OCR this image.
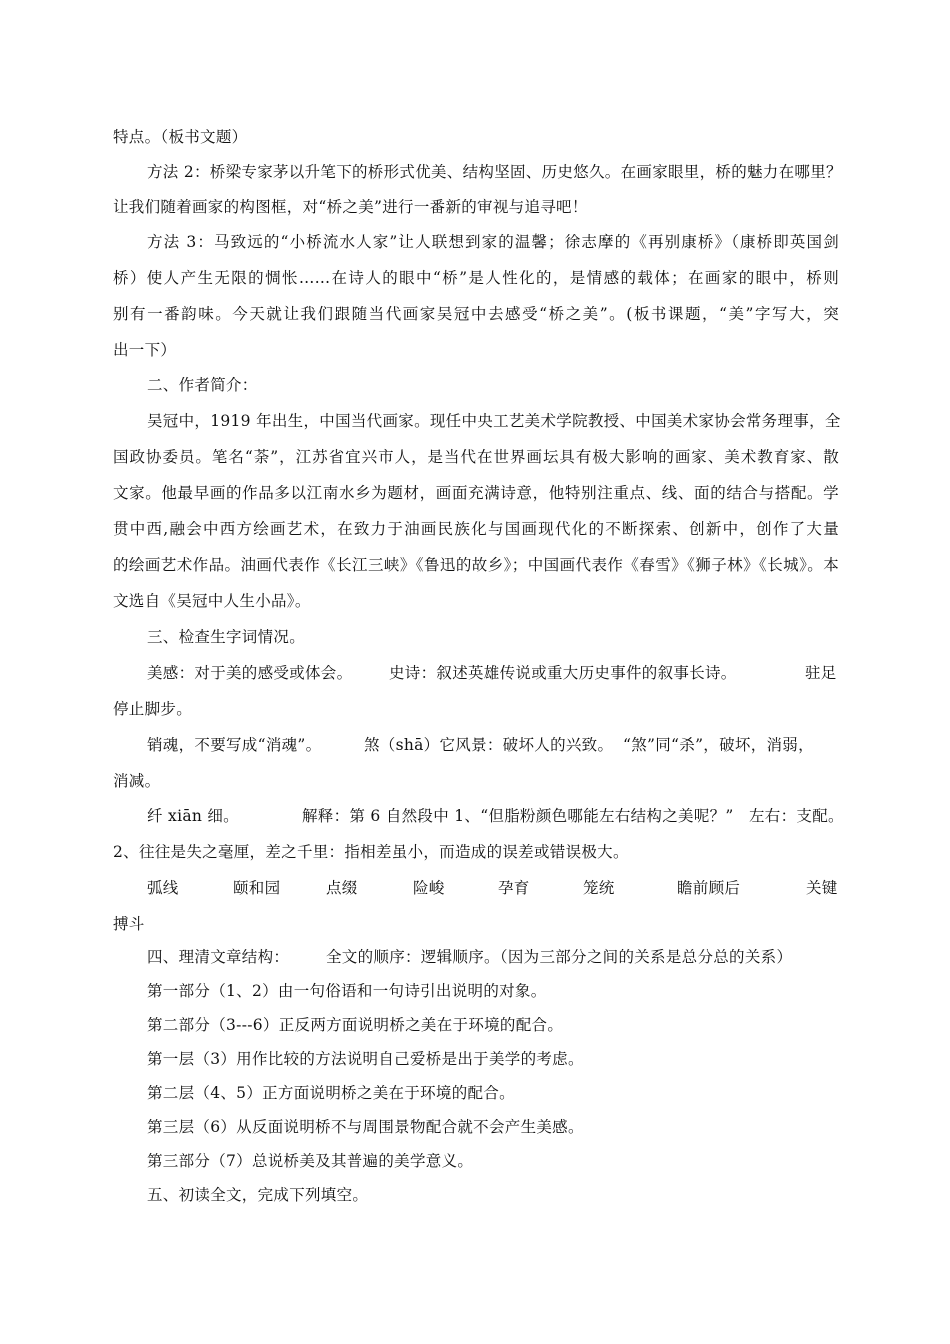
特点。（板书文题）
方法 2：桥梁专家茅以升笔下的桥形式优美、结构坚固、历史悠久。在画家眼里，桥的魅力在哪里？
让我们随着画家的构图框，对“桥之美”进行一番新的审视与追寻吧！
方法 3：马致远的“小桥流水人家”让人联想到家的温馨；徐志摩的《再别康桥》（康桥即英国剑
桥）使人产生无限的惆怅……在诗人的眼中“桥”是人性化的，是情感的载体；在画家的眼中，桥则
别有一番韵味。今天就让我们跟随当代画家吴冠中去感受“桥之美”。(板书课题，“美”字写大，突
出一下）
二、作者简介：
吴冠中，1919 年出生，中国当代画家。现任中央工艺美术学院教授、中国美术家协会常务理事，全
国政协委员。笔名“荼”，江苏省宜兴市人，是当代在世界画坛具有极大影响的画家、美术教育家、散
文家。他最早画的作品多以江南水乡为题材，画面充满诗意，他特别注重点、线、面的结合与搭配。学
贯中西,融会中西方绘画艺术，在致力于油画民族化与国画现代化的不断探索、创新中，创作了大量
的绘画艺术作品。油画代表作《长江三峡》《鲁迅的故乡》；中国画代表作《春雪》《狮子林》《长城》。本
文选自《吴冠中人生小品》。
三、检查生字词情况。
美感：对于美的感受或体会。 史诗：叙述英雄传说或重大历史事件的叙事长诗。	驻足
停止脚步。
销魂，不要写成“消魂”。	煞（shā）它风景：破坏人的兴致。 “煞”同“杀”，破坏，消弱，
消减。
纤 xiān 细。	解释：第 6 自然段中 1、“但脂粉颜色哪能左右结构之美呢？” 左右：支配。
2、往往是失之毫厘，差之千里：指相差虽小，而造成的误差或错误极大。
弧线	颐和园	点缀	险峻	孕育	笼统	瞻前顾后	关键
搏斗
四、理清文章结构： 全文的顺序：逻辑顺序。（因为三部分之间的关系是总分总的关系）
第一部分（1、2）由一句俗语和一句诗引出说明的对象。
第二部分（3---6）正反两方面说明桥之美在于环境的配合。
第一层（3）用作比较的方法说明自己爱桥是出于美学的考虑。
第二层（4、5）正方面说明桥之美在于环境的配合。
第三层（6）从反面说明桥不与周围景物配合就不会产生美感。
第三部分（7）总说桥美及其普遍的美学意义。
五、初读全文，完成下列填空。
